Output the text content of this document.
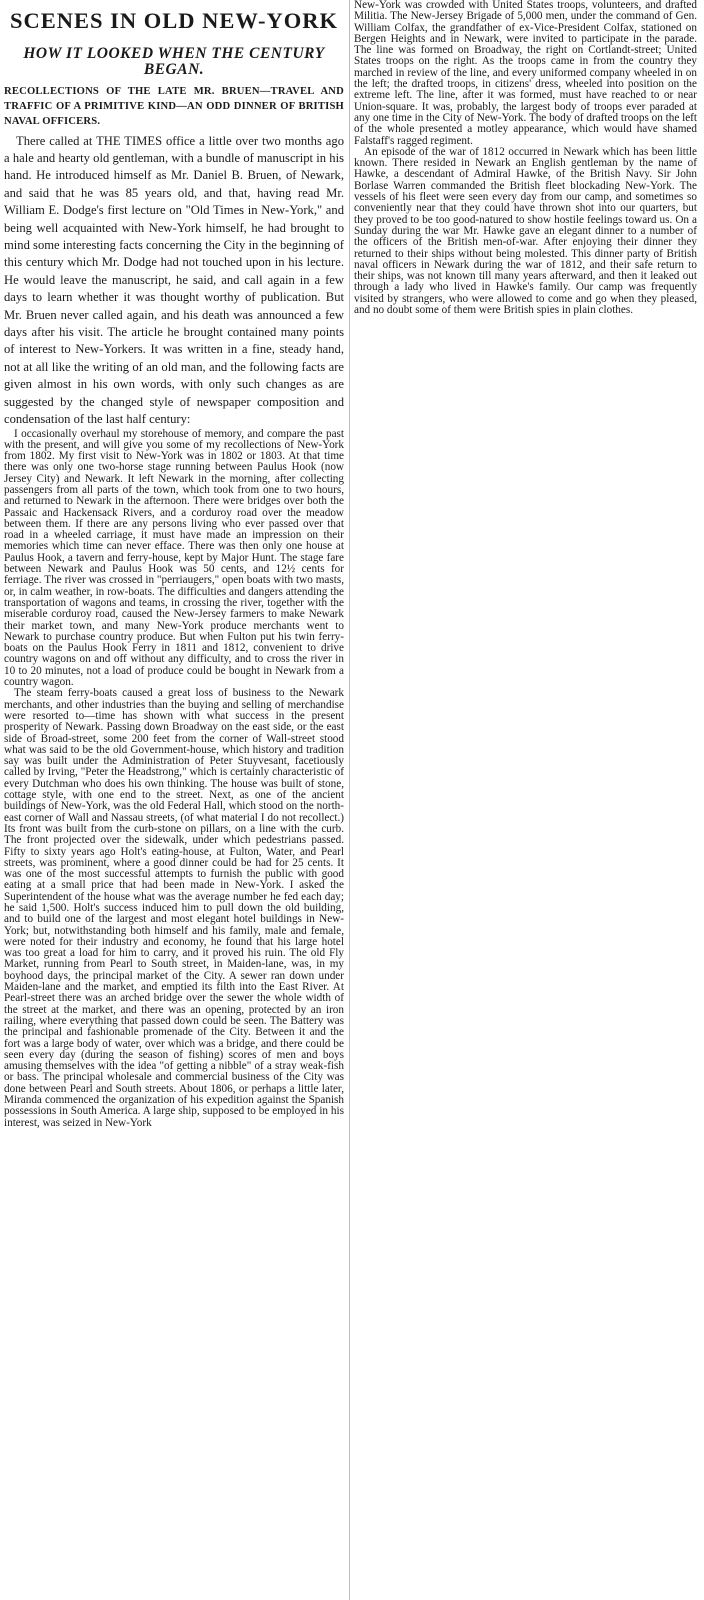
SCENES IN OLD NEW-YORK
HOW IT LOOKED WHEN THE CENTURY BEGAN.

RECOLLECTIONS OF THE LATE MR. BRUEN—TRAVEL AND TRAFFIC OF A PRIMITIVE KIND—AN ODD DINNER OF BRITISH NAVAL OFFICERS.

There called at THE TIMES office a little over two months ago a hale and hearty old gentleman, with a bundle of manuscript in his hand. He introduced himself as Mr. Daniel B. Bruen, of Newark, and said that he was 85 years old, and that, having read Mr. William E. Dodge's first lecture on "Old Times in New-York," and being well acquainted with New-York himself, he had brought to mind some interesting facts concerning the City in the beginning of this century which Mr. Dodge had not touched upon in his lecture. He would leave the manuscript, he said, and call again in a few days to learn whether it was thought worthy of publication. But Mr. Bruen never called again, and his death was announced a few days after his visit. The article he brought contained many points of interest to New-Yorkers. It was written in a fine, steady hand, not at all like the writing of an old man, and the following facts are given almost in his own words, with only such changes as are suggested by the changed style of newspaper composition and condensation of the last half century:

I occasionally overhaul my storehouse of memory, and compare the past with the present, and will give you some of my recollections of New-York from 1802. My first visit to New-York was in 1802 or 1803. At that time there was only one two-horse stage running between Paulus Hook (now Jersey City) and Newark. It left Newark in the morning, after collecting passengers from all parts of the town, which took from one to two hours, and returned to Newark in the afternoon. There were bridges over both the Passaic and Hackensack Rivers, and a corduroy road over the meadow between them. If there are any persons living who ever passed over that road in a wheeled carriage, it must have made an impression on their memories which time can never efface. There was then only one house at Paulus Hook, a tavern and ferry-house, kept by Major Hunt. The stage fare between Newark and Paulus Hook was 50 cents, and 12½ cents for ferriage. The river was crossed in "perriaugers," open boats with two masts, or, in calm weather, in row-boats. The difficulties and dangers attending the transportation of wagons and teams, in crossing the river, together with the miserable corduroy road, caused the New-Jersey farmers to make Newark their market town, and many New-York produce merchants went to Newark to purchase country produce. But when Fulton put his twin ferry-boats on the Paulus Hook Ferry in 1811 and 1812, convenient to drive country wagons on and off without any difficulty, and to cross the river in 10 to 20 minutes, not a load of produce could be bought in Newark from a country wagon.

The steam ferry-boats caused a great loss of business to the Newark merchants, and other industries than the buying and selling of merchandise were resorted to—time has shown with what success in the present prosperity of Newark. Passing down Broadway on the east side, or the east side of Broad-street, some 200 feet from the corner of Wall-street stood what was said to be the old Government-house, which history and tradition say was built under the Administration of Peter Stuyvesant, facetiously called by Irving, "Peter the Headstrong," which is certainly characteristic of every Dutchman who does his own thinking. The house was built of stone, cottage style, with one end to the street. Next, as one of the ancient buildings of New-York, was the old Federal Hall, which stood on the north-east corner of Wall and Nassau streets, (of what material I do not recollect.) Its front was built from the curb-stone on pillars, on a line with the curb. The front projected over the sidewalk, under which pedestrians passed. Fifty to sixty years ago Holt's eating-house, at Fulton, Water, and Pearl streets, was prominent, where a good dinner could be had for 25 cents. It was one of the most successful attempts to furnish the public with good eating at a small price that had been made in New-York. I asked the Superintendent of the house what was the average number he fed each day; he said 1,500. Holt's success induced him to pull down the old building, and to build one of the largest and most elegant hotel buildings in New-York; but, notwithstanding both himself and his family, male and female, were noted for their industry and economy, he found that his large hotel was too great a load for him to carry, and it proved his ruin. The old Fly Market, running from Pearl to South street, in Maiden-lane, was, in my boyhood days, the principal market of the City. A sewer ran down under Maiden-lane and the market, and emptied its filth into the East River. At Pearl-street there was an arched bridge over the sewer the whole width of the street at the market, and there was an opening, protected by an iron railing, where everything that passed down could be seen. The Battery was the principal and fashionable promenade of the City. Between it and the fort was a large body of water, over which was a bridge, and there could be seen every day (during the season of fishing) scores of men and boys amusing themselves with the idea "of getting a nibble" of a stray weak-fish or bass. The principal wholesale and commercial business of the City was done between Pearl and South streets. About 1806, or perhaps a little later, Miranda commenced the organization of his expedition against the Spanish possessions in South America. A large ship, supposed to be employed in his interest, was seized in New-York

New-York was crowded with United States troops, volunteers, and drafted Militia. The New-Jersey Brigade of 5,000 men, under the command of Gen. William Colfax, the grandfather of ex-Vice-President Colfax, stationed on Bergen Heights and in Newark, were invited to participate in the parade. The line was formed on Broadway, the right on Cortlandt-street; United States troops on the right. As the troops came in from the country they marched in review of the line, and every uniformed company wheeled in on the left; the drafted troops, in citizens' dress, wheeled into position on the extreme left. The line, after it was formed, must have reached to or near Union-square. It was, probably, the largest body of troops ever paraded at any one time in the City of New-York. The body of drafted troops on the left of the whole presented a motley appearance, which would have shamed Falstaff's ragged regiment.

An episode of the war of 1812 occurred in Newark which has been little known. There resided in Newark an English gentleman by the name of Hawke, a descendant of Admiral Hawke, of the British Navy. Sir John Borlase Warren commanded the British fleet blockading New-York. The vessels of his fleet were seen every day from our camp, and sometimes so conveniently near that they could have thrown shot into our quarters, but they proved to be too good-natured to show hostile feelings toward us. On a Sunday during the war Mr. Hawke gave an elegant dinner to a number of the officers of the British men-of-war. After enjoying their dinner they returned to their ships without being molested. This dinner party of British naval officers in Newark during the war of 1812, and their safe return to their ships, was not known till many years afterward, and then it leaked out through a lady who lived in Hawke's family. Our camp was frequently visited by strangers, who were allowed to come and go when they pleased, and no doubt some of them were British spies in plain clothes.
